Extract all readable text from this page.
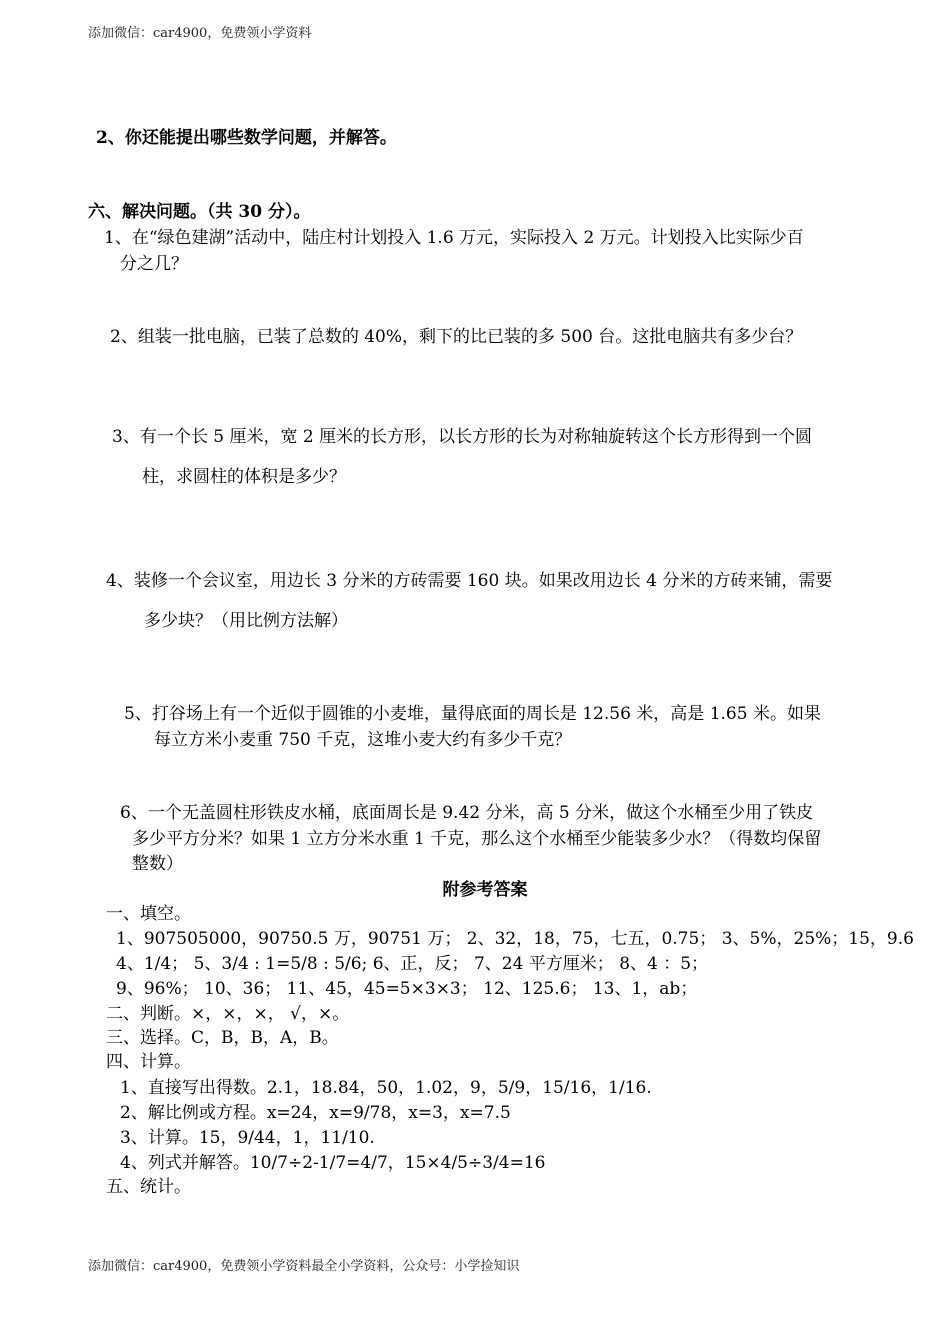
添加微信：car4900，免费领小学资料
2、你还能提出哪些数学问题，并解答。
六、解决问题。（共 30 分）。
1、在“绿色建湖”活动中，陆庄村计划投入 1.6 万元，实际投入 2 万元。计划投入比实际少百
分之几？
2、组装一批电脑，已装了总数的 40%，剩下的比已装的多 500 台。这批电脑共有多少台？
3、有一个长 5 厘米，宽 2 厘米的长方形，以长方形的长为对称轴旋转这个长方形得到一个圆
柱，求圆柱的体积是多少？
4、装修一个会议室，用边长 3 分米的方砖需要 160 块。如果改用边长 4 分米的方砖来铺，需要
多少块？（用比例方法解）
5、打谷场上有一个近似于圆锥的小麦堆，量得底面的周长是 12.56 米，高是 1.65 米。如果
每立方米小麦重 750 千克，这堆小麦大约有多少千克？
6、一个无盖圆柱形铁皮水桶，底面周长是 9.42 分米，高 5 分米，做这个水桶至少用了铁皮
多少平方分米？如果 1 立方分米水重 1 千克，那么这个水桶至少能装多少水？（得数均保留
整数）
附参考答案
一、填空。
1、907505000，90750.5 万，90751 万； 2、32，18，75，七五，0.75； 3、5%，25%；15，9.6
4、1/4； 5、3/4 : 1=5/8 : 5/6; 6、正，反； 7、24 平方厘米； 8、4 ：5；
9、96%； 10、36； 11、45，45=5×3×3； 12、125.6； 13、1，ab；
二、判断。×，×，×， √，×。
三、选择。C，B，B，A，B。
四、计算。
1、直接写出得数。2.1，18.84，50，1.02，9，5/9，15/16，1/16.
2、解比例或方程。x=24，x=9/78，x=3，x=7.5
3、计算。15，9/44，1，11/10.
4、列式并解答。10/7÷2-1/7=4/7，15×4/5÷3/4=16
五、统计。
添加微信：car4900，免费领小学资料最全小学资料，公众号：小学捡知识
